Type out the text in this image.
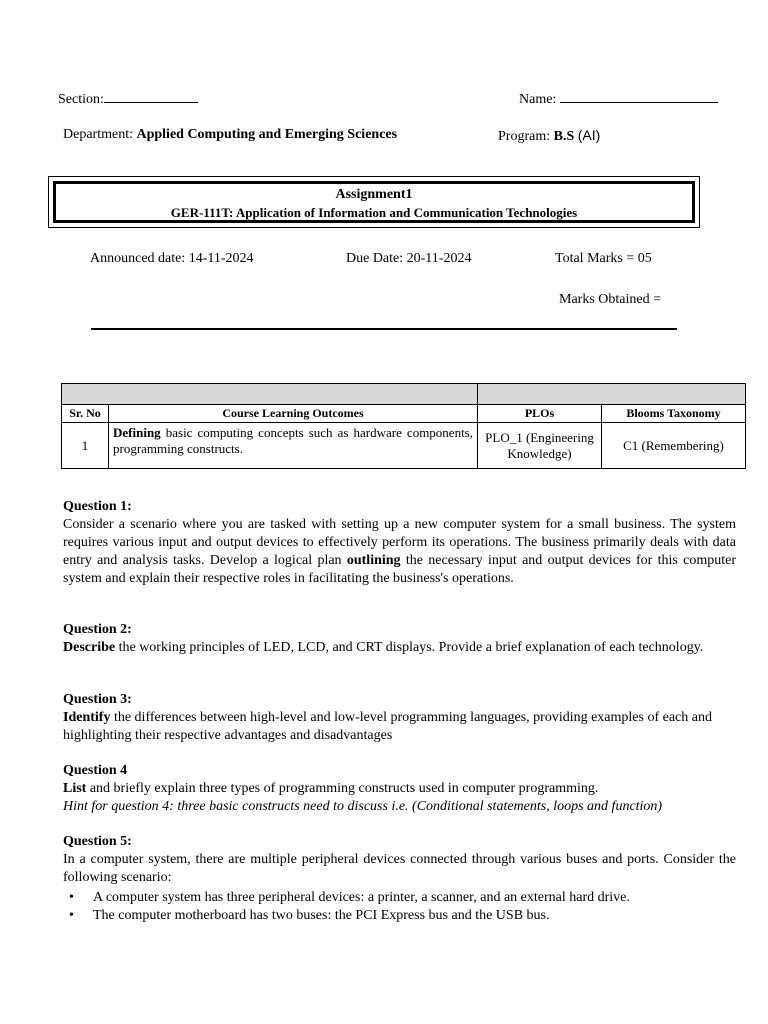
Section:	Name:
Department: Applied Computing and Emerging Sciences	Program: B.S (AI)
Assignment1
GER-111T: Application of Information and Communication Technologies
Announced date: 14-11-2024	Due Date: 20-11-2024	Total Marks = 05
Marks Obtained =

Sr. No	Course Learning Outcomes	PLOs	Blooms Taxonomy
1	Defining basic computing concepts such as hardware components, programming constructs.	PLO_1 (Engineering Knowledge)	C1 (Remembering)
Question 1:

Consider a scenario where you are tasked with setting up a new computer system for a small business. The system requires various input and output devices to effectively perform its operations. The business primarily deals with data entry and analysis tasks. Develop a logical plan outlining the necessary input and output devices for this computer system and explain their respective roles in facilitating the business's operations.

Question 2:

Describe the working principles of LED, LCD, and CRT displays. Provide a brief explanation of each technology.

Question 3:

Identify the differences between high-level and low-level programming languages, providing examples of each and highlighting their respective advantages and disadvantages

Question 4

List and briefly explain three types of programming constructs used in computer programming.

Hint for question 4: three basic constructs need to discuss i.e. (Conditional statements, loops and function)

Question 5:

In a computer system, there are multiple peripheral devices connected through various buses and ports. Consider the following scenario:

• A computer system has three peripheral devices: a printer, a scanner, and an external hard drive.
• The computer motherboard has two buses: the PCI Express bus and the USB bus.
